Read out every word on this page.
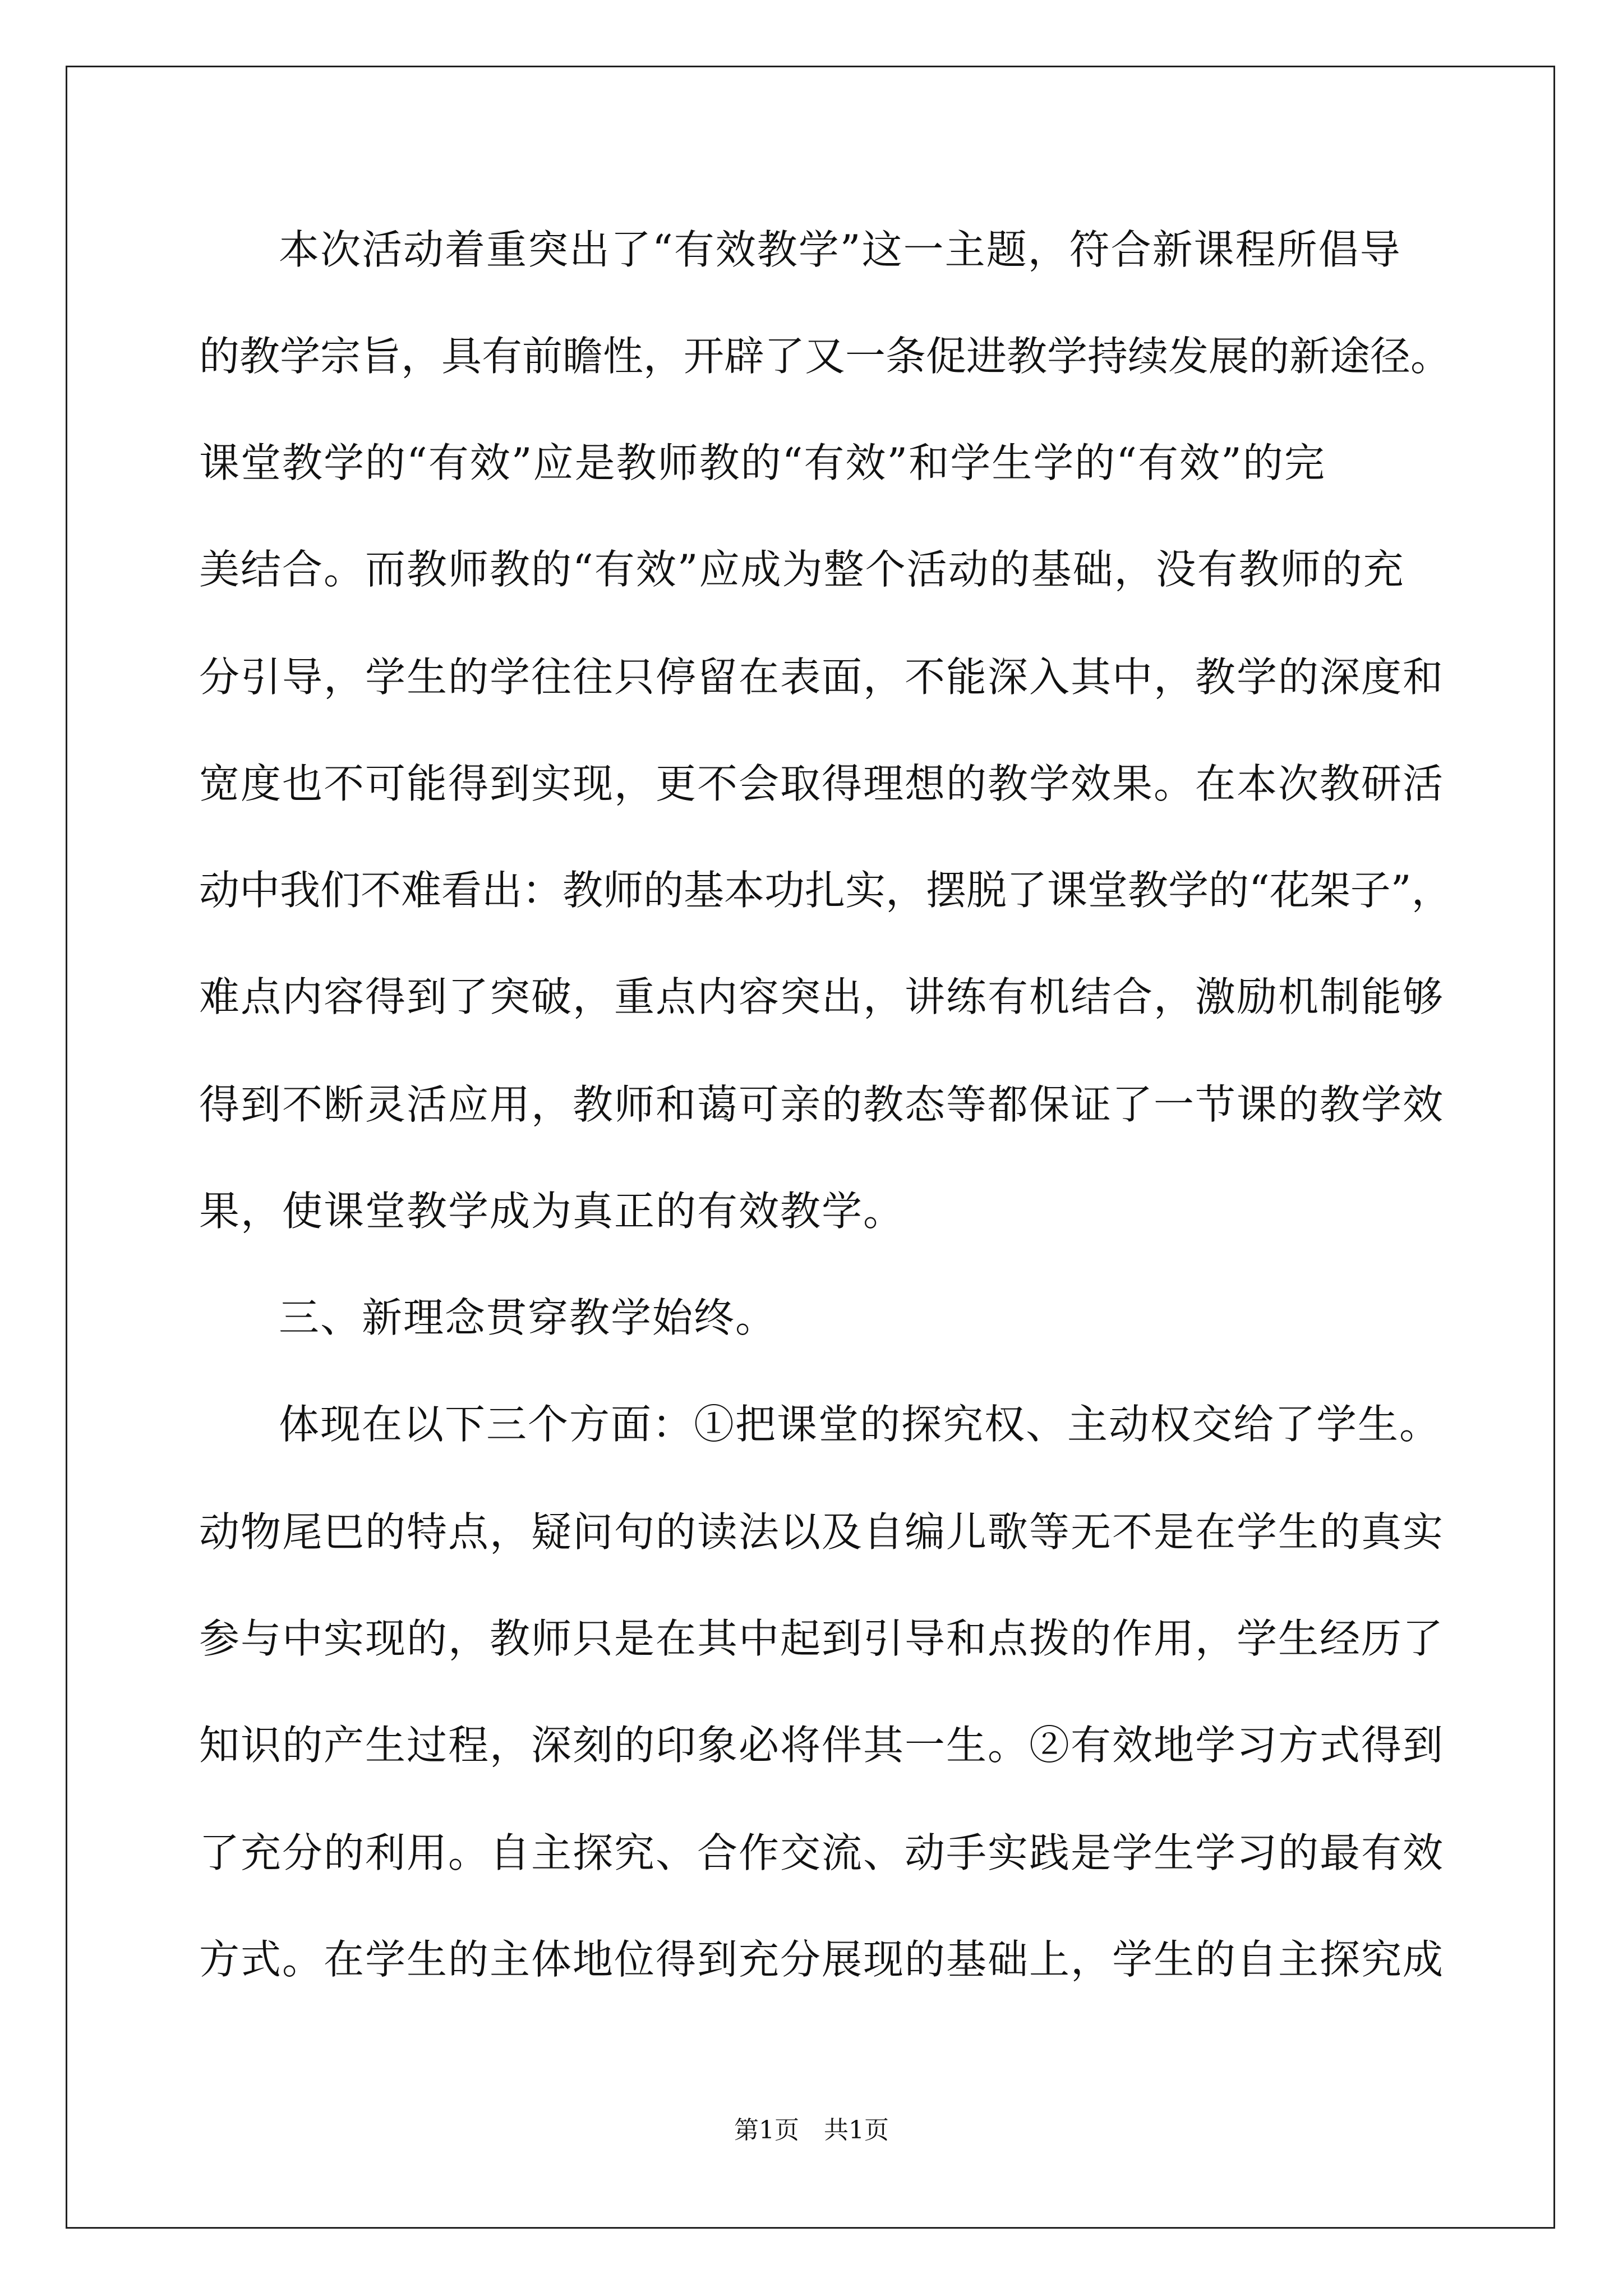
本次活动着重突出了“有效教学”这一主题，符合新课程所倡导
的教学宗旨，具有前瞻性，开辟了又一条促进教学持续发展的新途径。
课堂教学的“有效”应是教师教的“有效”和学生学的“有效”的完
美结合。而教师教的“有效”应成为整个活动的基础，没有教师的充
分引导，学生的学往往只停留在表面，不能深入其中，教学的深度和
宽度也不可能得到实现，更不会取得理想的教学效果。在本次教研活
动中我们不难看出：教师的基本功扎实，摆脱了课堂教学的“花架子”，
难点内容得到了突破，重点内容突出，讲练有机结合，激励机制能够
得到不断灵活应用，教师和蔼可亲的教态等都保证了一节课的教学效
果，使课堂教学成为真正的有效教学。
三、新理念贯穿教学始终。
体现在以下三个方面：①把课堂的探究权、主动权交给了学生。
动物尾巴的特点，疑问句的读法以及自编儿歌等无不是在学生的真实
参与中实现的，教师只是在其中起到引导和点拨的作用，学生经历了
知识的产生过程，深刻的印象必将伴其一生。②有效地学习方式得到
了充分的利用。自主探究、合作交流、动手实践是学生学习的最有效
方式。在学生的主体地位得到充分展现的基础上，学生的自主探究成
第1页　共1页
